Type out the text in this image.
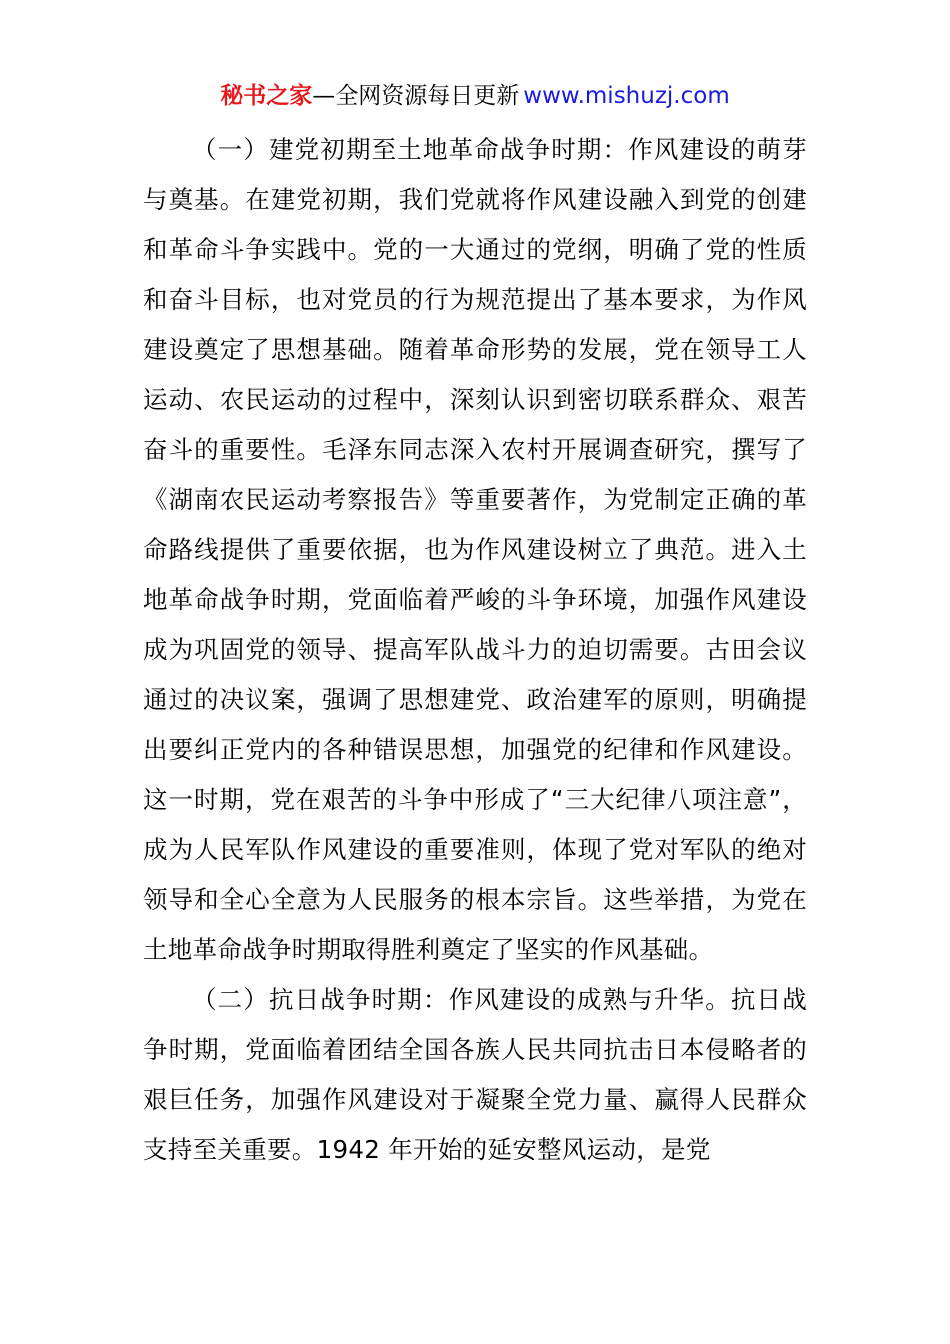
秘书之家—全网资源每日更新 www.mishuzj.com

（一）建党初期至土地革命战争时期：作风建设的萌芽与奠基。在建党初期，我们党就将作风建设融入到党的创建和革命斗争实践中。党的一大通过的党纲，明确了党的性质和奋斗目标，也对党员的行为规范提出了基本要求，为作风建设奠定了思想基础。随着革命形势的发展，党在领导工人运动、农民运动的过程中，深刻认识到密切联系群众、艰苦奋斗的重要性。毛泽东同志深入农村开展调查研究，撰写了《湖南农民运动考察报告》等重要著作，为党制定正确的革命路线提供了重要依据，也为作风建设树立了典范。进入土地革命战争时期，党面临着严峻的斗争环境，加强作风建设成为巩固党的领导、提高军队战斗力的迫切需要。古田会议通过的决议案，强调了思想建党、政治建军的原则，明确提出要纠正党内的各种错误思想，加强党的纪律和作风建设。这一时期，党在艰苦的斗争中形成了“三大纪律八项注意”，成为人民军队作风建设的重要准则，体现了党对军队的绝对领导和全心全意为人民服务的根本宗旨。这些举措，为党在土地革命战争时期取得胜利奠定了坚实的作风基础。

（二）抗日战争时期：作风建设的成熟与升华。抗日战争时期，党面临着团结全国各族人民共同抗击日本侵略者的艰巨任务，加强作风建设对于凝聚全党力量、赢得人民群众支持至关重要。1942 年开始的延安整风运动，是党
